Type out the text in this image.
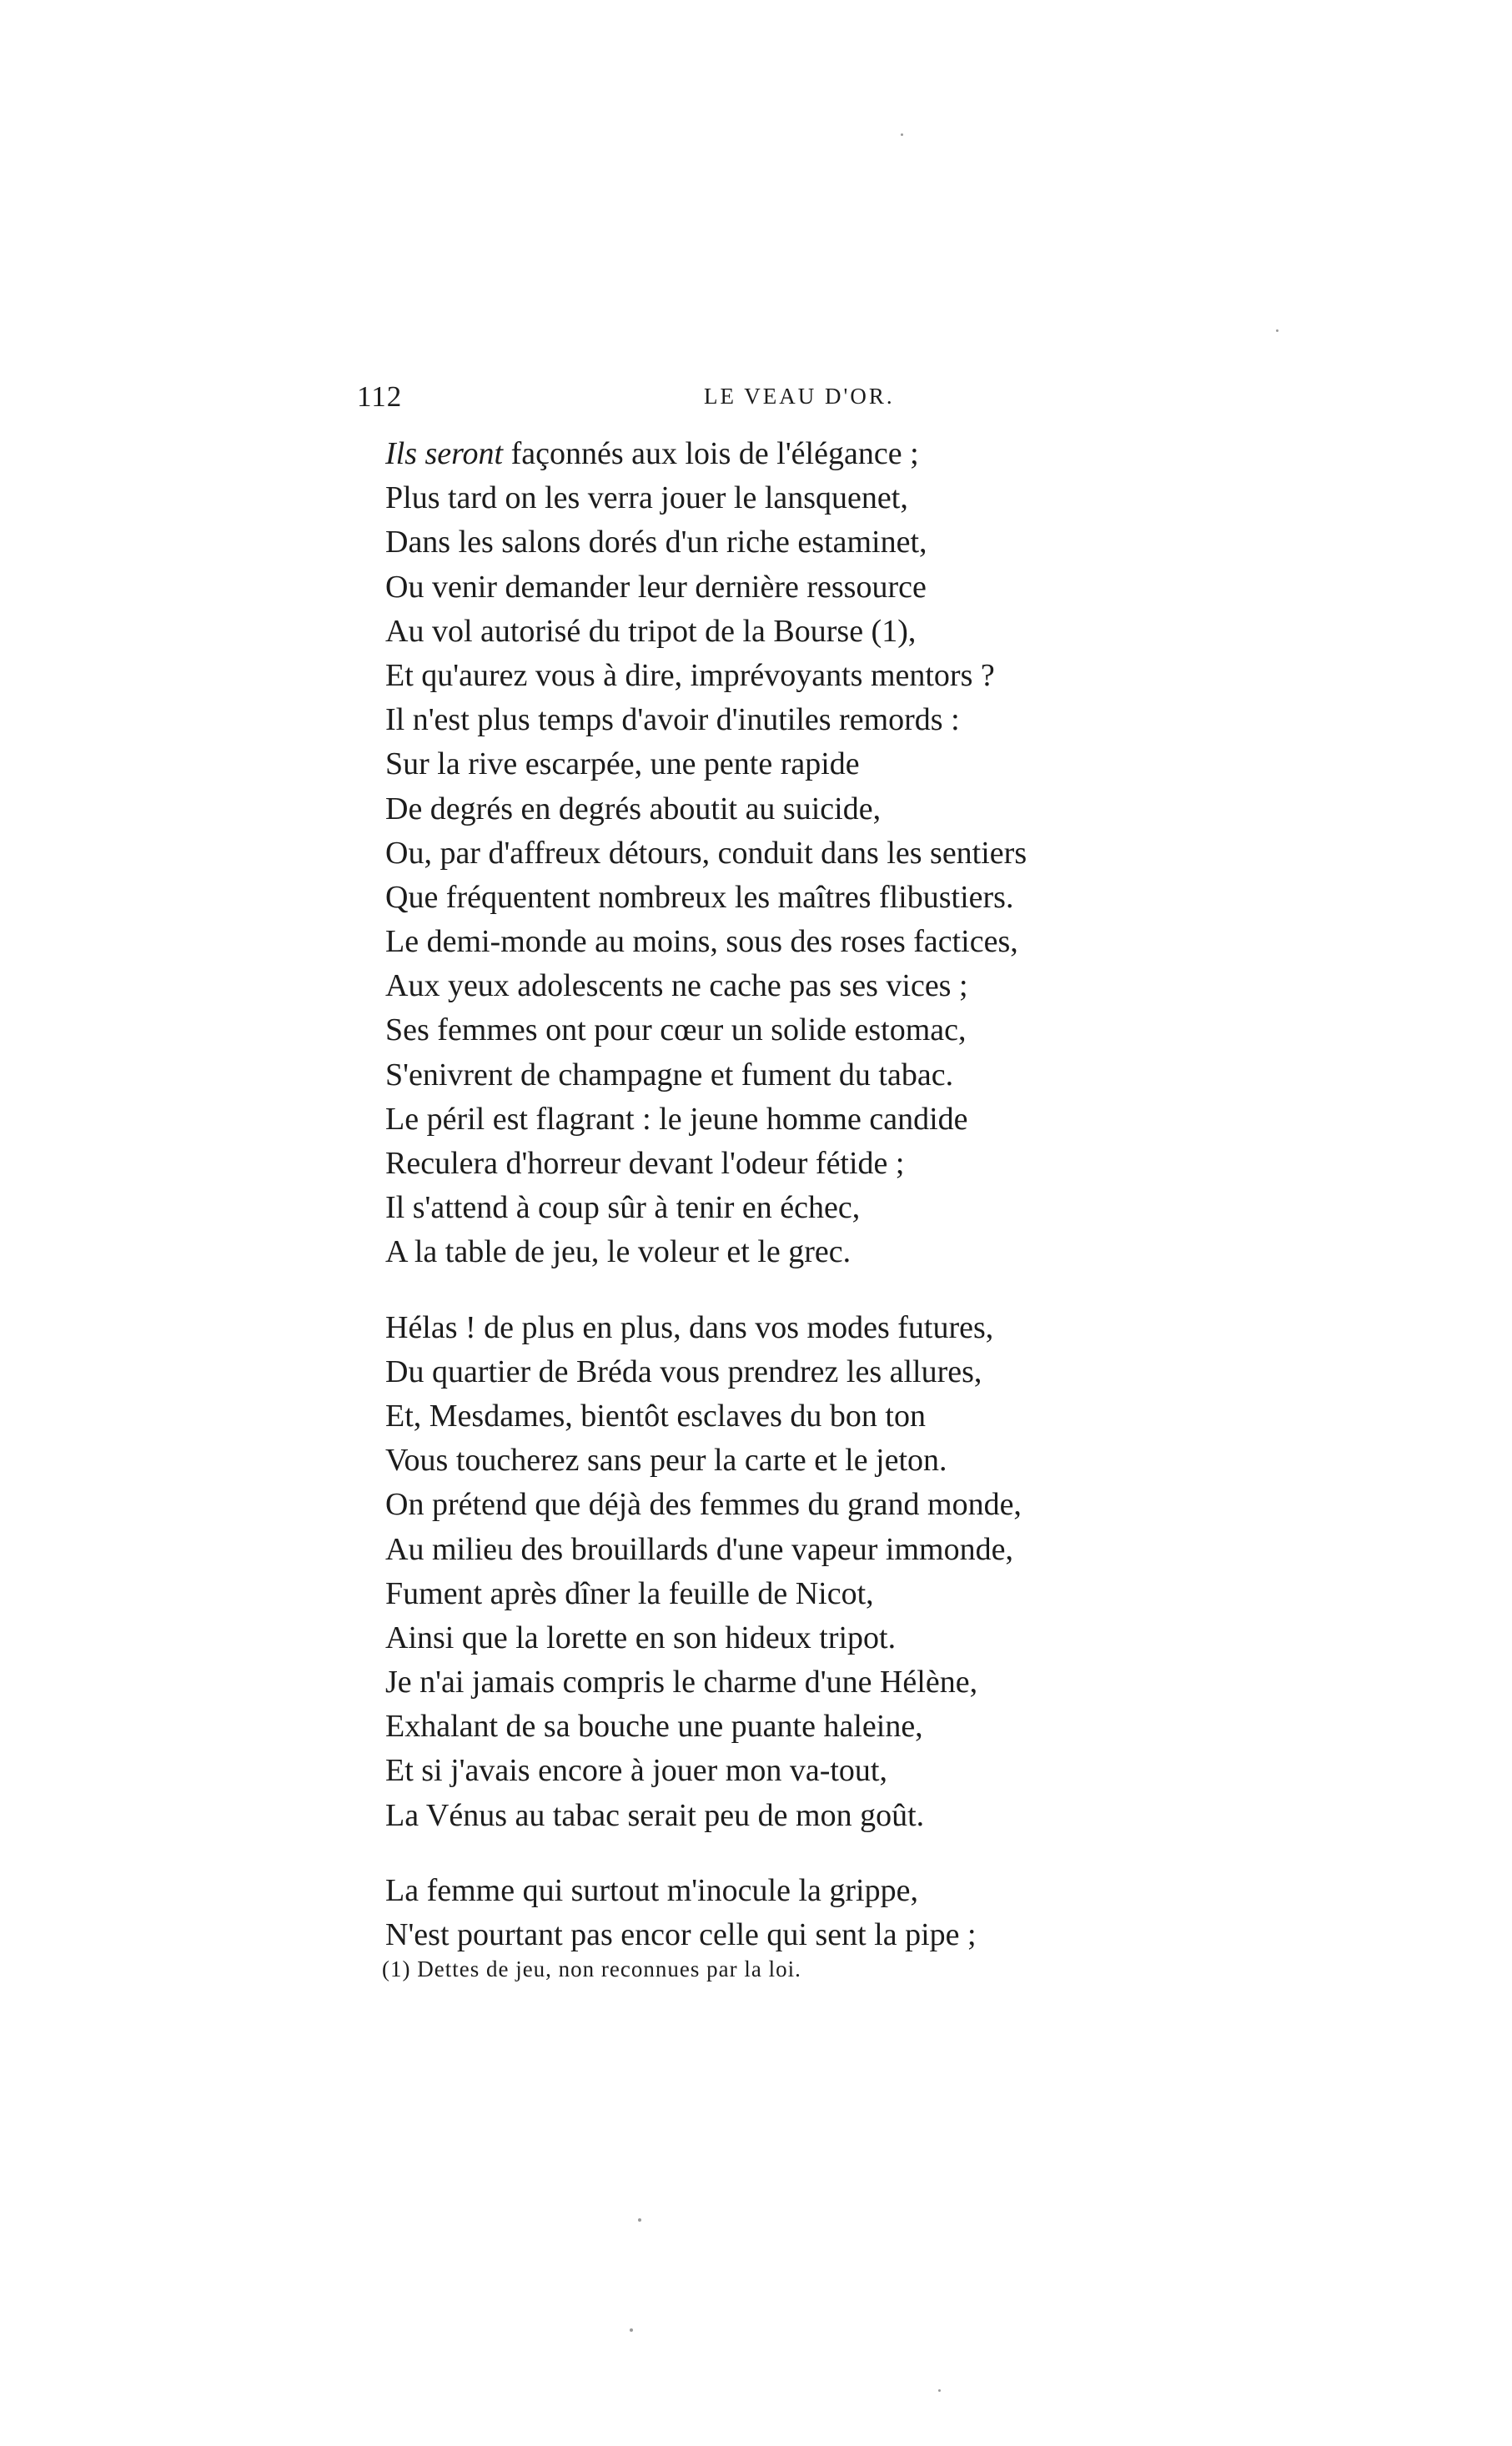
112	LE VEAU D'OR.
Ils seront façonnés aux lois de l'élégance ;
Plus tard on les verra jouer le lansquenet,
Dans les salons dorés d'un riche estaminet,
Ou venir demander leur dernière ressource
Au vol autorisé du tripot de la Bourse (1),
Et qu'aurez vous à dire, imprévoyants mentors ?
Il n'est plus temps d'avoir d'inutiles remords :
Sur la rive escarpée, une pente rapide
De degrés en degrés aboutit au suicide,
Ou, par d'affreux détours, conduit dans les sentiers
Que fréquentent nombreux les maîtres flibustiers.
Le demi-monde au moins, sous des roses factices,
Aux yeux adolescents ne cache pas ses vices ;
Ses femmes ont pour cœur un solide estomac,
S'enivrent de champagne et fument du tabac.
Le péril est flagrant : le jeune homme candide
Reculera d'horreur devant l'odeur fétide ;
Il s'attend à coup sûr à tenir en échec,
A la table de jeu, le voleur et le grec.
Hélas ! de plus en plus, dans vos modes futures,
Du quartier de Bréda vous prendrez les allures,
Et, Mesdames, bientôt esclaves du bon ton
Vous toucherez sans peur la carte et le jeton.
On prétend que déjà des femmes du grand monde,
Au milieu des brouillards d'une vapeur immonde,
Fument après dîner la feuille de Nicot,
Ainsi que la lorette en son hideux tripot.
Je n'ai jamais compris le charme d'une Hélène,
Exhalant de sa bouche une puante haleine,
Et si j'avais encore à jouer mon va-tout,
La Vénus au tabac serait peu de mon goût.
La femme qui surtout m'inocule la grippe,
N'est pourtant pas encor celle qui sent la pipe ;
(1) Dettes de jeu, non reconnues par la loi.
